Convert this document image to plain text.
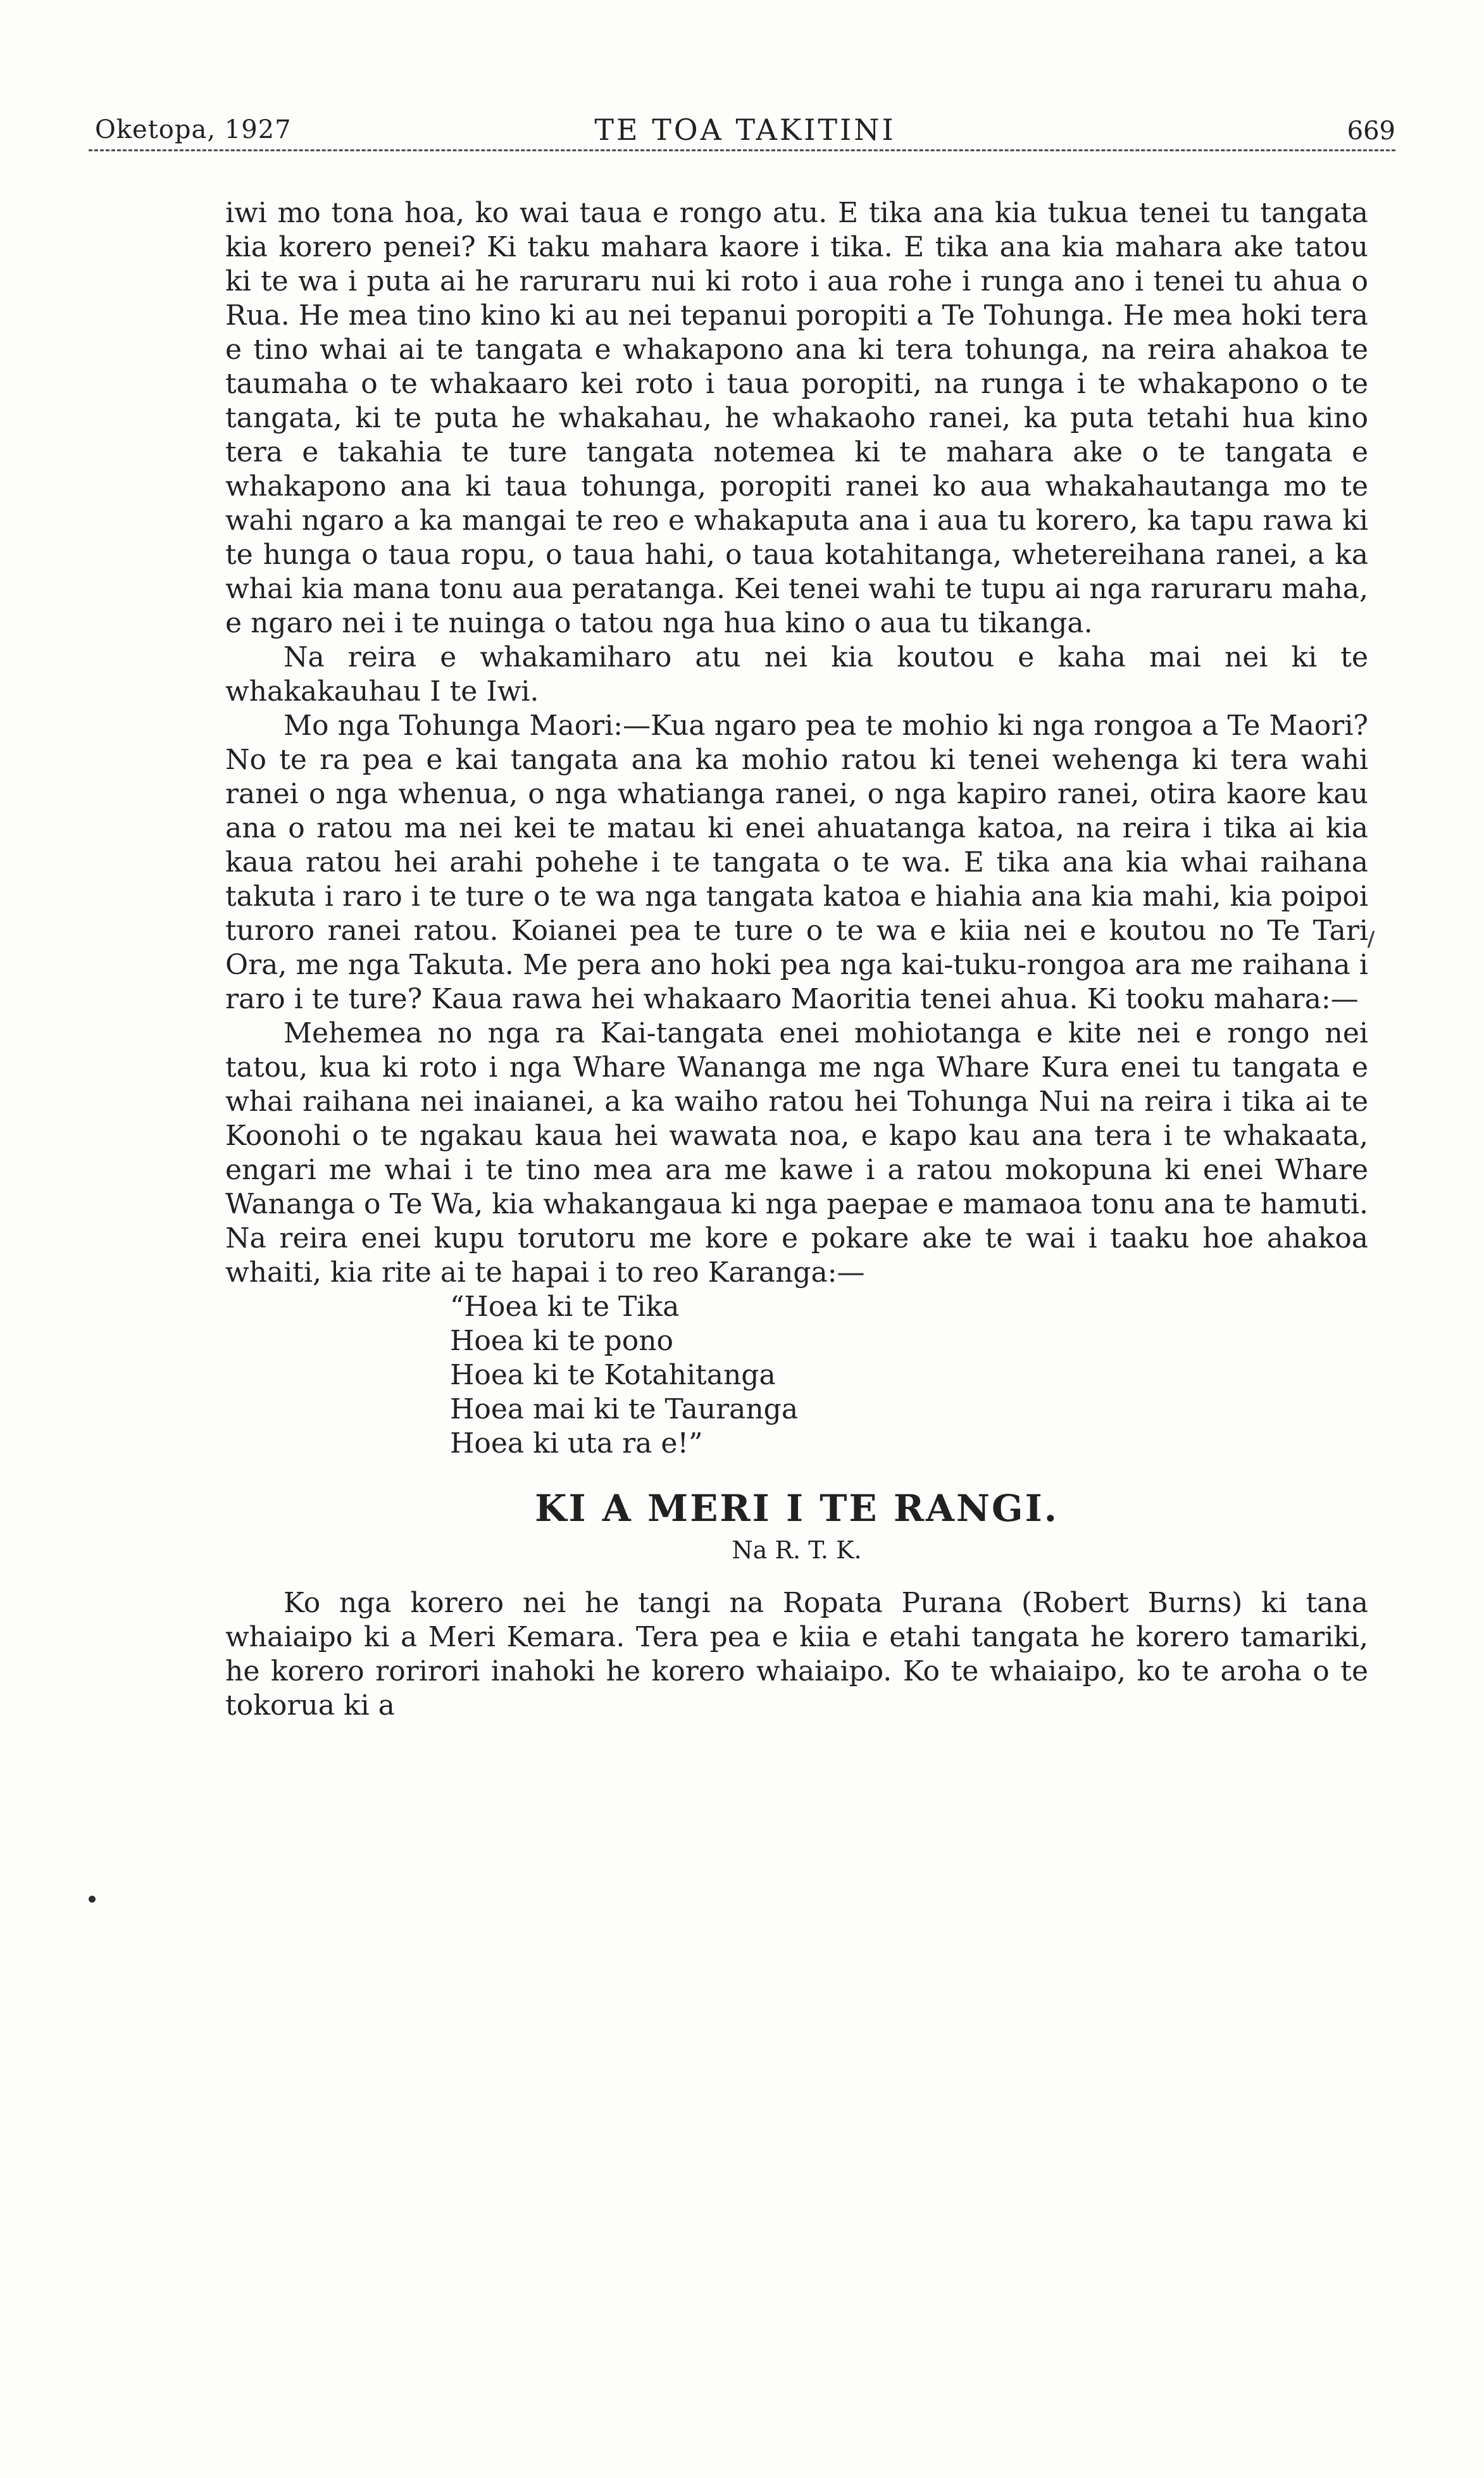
Oketopa, 1927	TE TOA TAKITINI	669

iwi mo tona hoa, ko wai taua e rongo atu. E tika ana kia tukua tenei tu tangata kia korero penei? Ki taku mahara kaore i tika. E tika ana kia mahara ake tatou ki te wa i puta ai he raruraru nui ki roto i aua rohe i runga ano i tenei tu ahua o Rua. He mea tino kino ki au nei tepanui poropiti a Te Tohunga. He mea hoki tera e tino whai ai te tangata e whakapono ana ki tera tohunga, na reira ahakoa te taumaha o te whakaaro kei roto i taua poropiti, na runga i te whakapono o te tangata, ki te puta he whakahau, he whakaoho ranei, ka puta tetahi hua kino tera e takahia te ture tangata notemea ki te mahara ake o te tangata e whakapono ana ki taua tohunga, poropiti ranei ko aua whakahautanga mo te wahi ngaro a ka mangai te reo e whakaputa ana i aua tu korero, ka tapu rawa ki te hunga o taua ropu, o taua hahi, o taua kotahitanga, whetereihana ranei, a ka whai kia mana tonu aua peratanga. Kei tenei wahi te tupu ai nga raruraru maha, e ngaro nei i te nuinga o tatou nga hua kino o aua tu tikanga.

Na reira e whakamiharo atu nei kia koutou e kaha mai nei ki te whakakauhau I te Iwi.

Mo nga Tohunga Maori:—Kua ngaro pea te mohio ki nga rongoa a Te Maori? No te ra pea e kai tangata ana ka mohio ratou ki tenei wehenga ki tera wahi ranei o nga whenua, o nga whatianga ranei, o nga kapiro ranei, otira kaore kau ana o ratou ma nei kei te matau ki enei ahuatanga katoa, na reira i tika ai kia kaua ratou hei arahi pohehe i te tangata o te wa. E tika ana kia whai raihana takuta i raro i te ture o te wa nga tangata katoa e hiahia ana kia mahi, kia poipoi turoro ranei ratou. Koianei pea te ture o te wa e kiia nei e koutou no Te Tari Ora, me nga Takuta. Me pera ano hoki pea nga kai-tuku-rongoa ara me raihana i raro i te ture? Kaua rawa hei whakaaro Maoritia tenei ahua. Ki tooku mahara:—

Mehemea no nga ra Kai-tangata enei mohiotanga e kite nei e rongo nei tatou, kua ki roto i nga Whare Wananga me nga Whare Kura enei tu tangata e whai raihana nei inaianei, a ka waiho ratou hei Tohunga Nui na reira i tika ai te Koonohi o te ngakau kaua hei wawata noa, e kapo kau ana tera i te whakaata, engari me whai i te tino mea ara me kawe i a ratou mokopuna ki enei Whare Wananga o Te Wa, kia whakangaua ki nga paepae e mamaoa tonu ana te hamuti. Na reira enei kupu torutoru me kore e pokare ake te wai i taaku hoe ahakoa whaiti, kia rite ai te hapai i to reo Karanga:—

“Hoea ki te Tika
Hoea ki te pono
Hoea ki te Kotahitanga
Hoea mai ki te Tauranga
Hoea ki uta ra e!”
KI A MERI I TE RANGI.
Na R. T. K.

Ko nga korero nei he tangi na Ropata Purana (Robert Burns) ki tana whaiaipo ki a Meri Kemara. Tera pea e kiia e etahi tangata he korero tamariki, he korero rorirori inahoki he korero whaiaipo. Ko te whaiaipo, ko te aroha o te tokorua ki a
